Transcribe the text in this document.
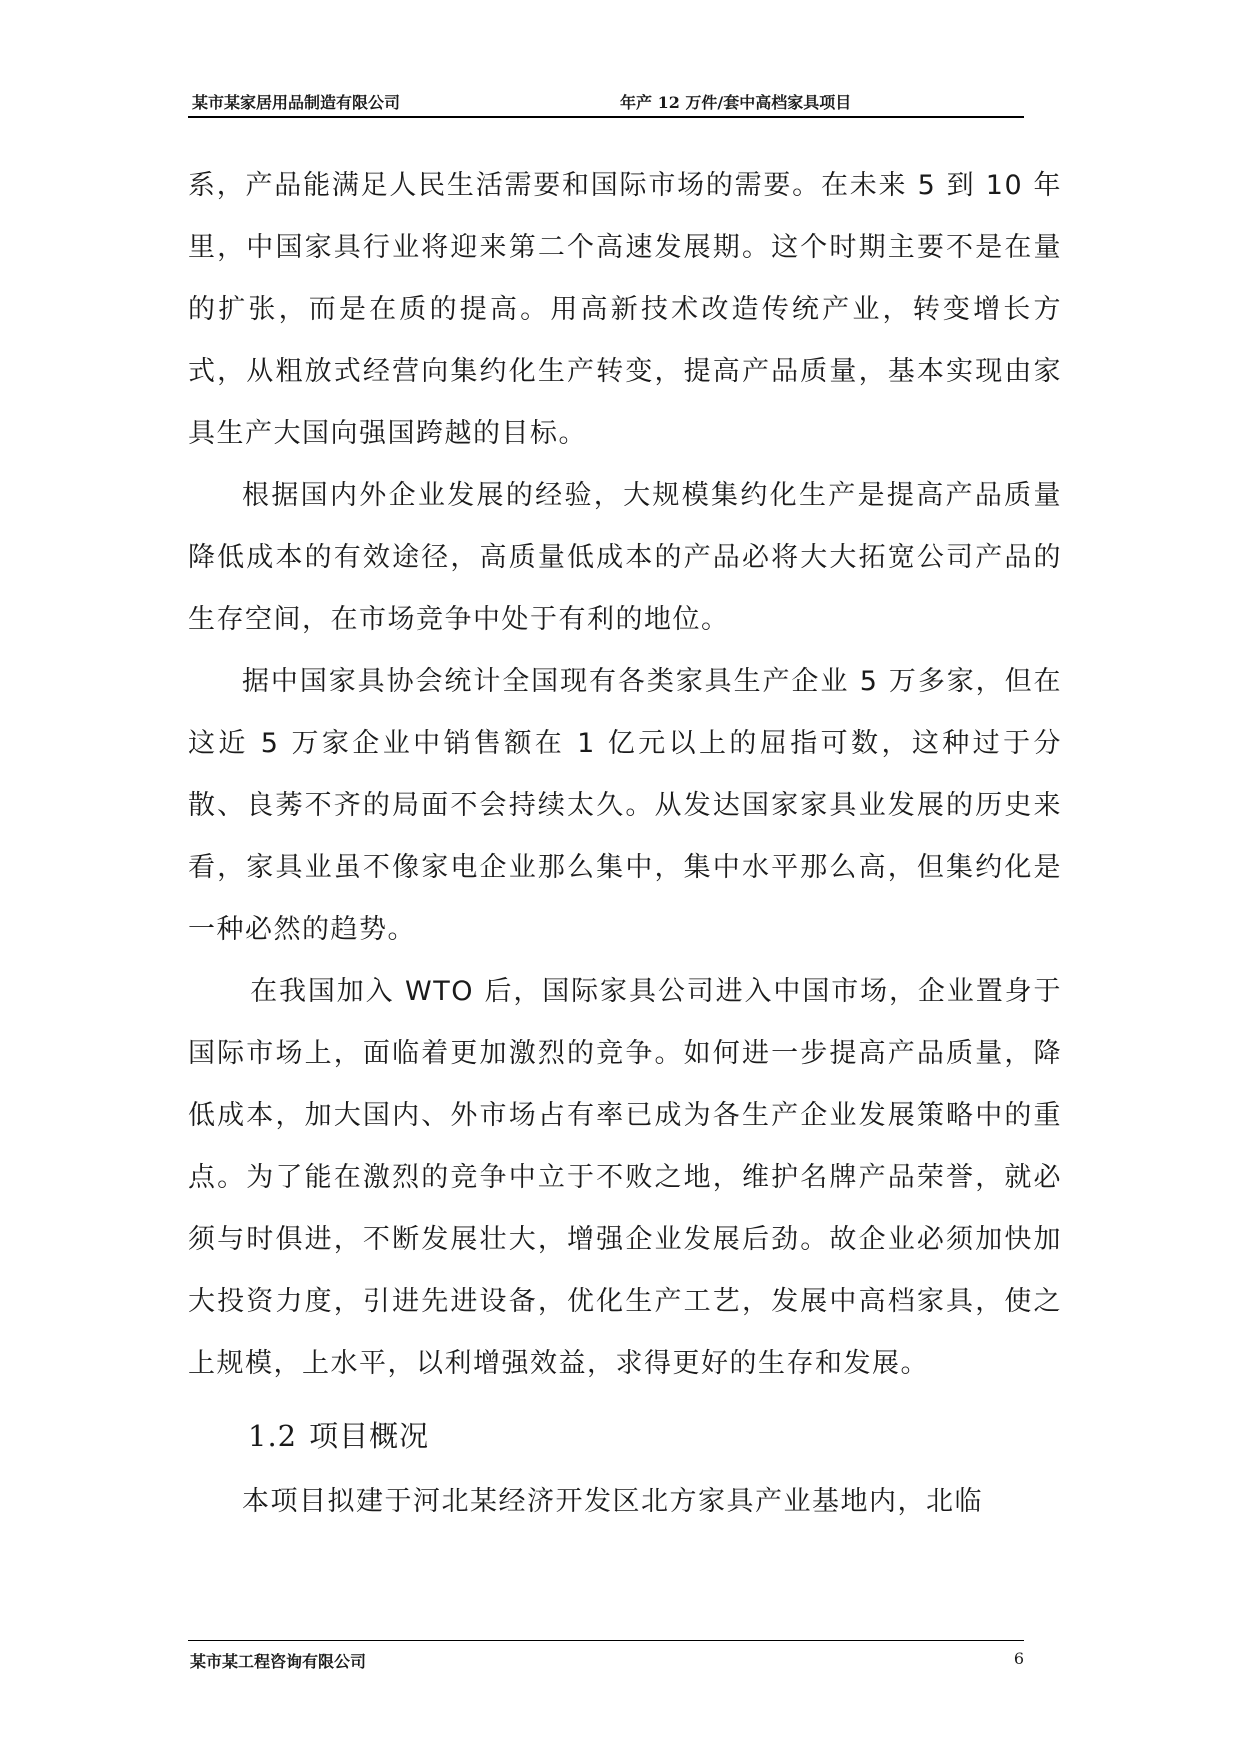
某市某家居用品制造有限公司	年产 12 万件/套中高档家具项目

系，产品能满足人民生活需要和国际市场的需要。在未来 5 到 10 年里，中国家具行业将迎来第二个高速发展期。这个时期主要不是在量的扩张，而是在质的提高。用高新技术改造传统产业，转变增长方式，从粗放式经营向集约化生产转变，提高产品质量，基本实现由家具生产大国向强国跨越的目标。

根据国内外企业发展的经验，大规模集约化生产是提高产品质量降低成本的有效途径，高质量低成本的产品必将大大拓宽公司产品的生存空间，在市场竞争中处于有利的地位。

据中国家具协会统计全国现有各类家具生产企业 5 万多家，但在这近 5 万家企业中销售额在 1 亿元以上的屈指可数，这种过于分散、良莠不齐的局面不会持续太久。从发达国家家具业发展的历史来看，家具业虽不像家电企业那么集中，集中水平那么高，但集约化是一种必然的趋势。

在我国加入 WTO 后，国际家具公司进入中国市场，企业置身于国际市场上，面临着更加激烈的竞争。如何进一步提高产品质量，降低成本，加大国内、外市场占有率已成为各生产企业发展策略中的重点。为了能在激烈的竞争中立于不败之地，维护名牌产品荣誉，就必须与时俱进，不断发展壮大，增强企业发展后劲。故企业必须加快加大投资力度，引进先进设备，优化生产工艺，发展中高档家具，使之上规模，上水平，以利增强效益，求得更好的生存和发展。

1.2 项目概况

本项目拟建于河北某经济开发区北方家具产业基地内，北临

某市某工程咨询有限公司	6
